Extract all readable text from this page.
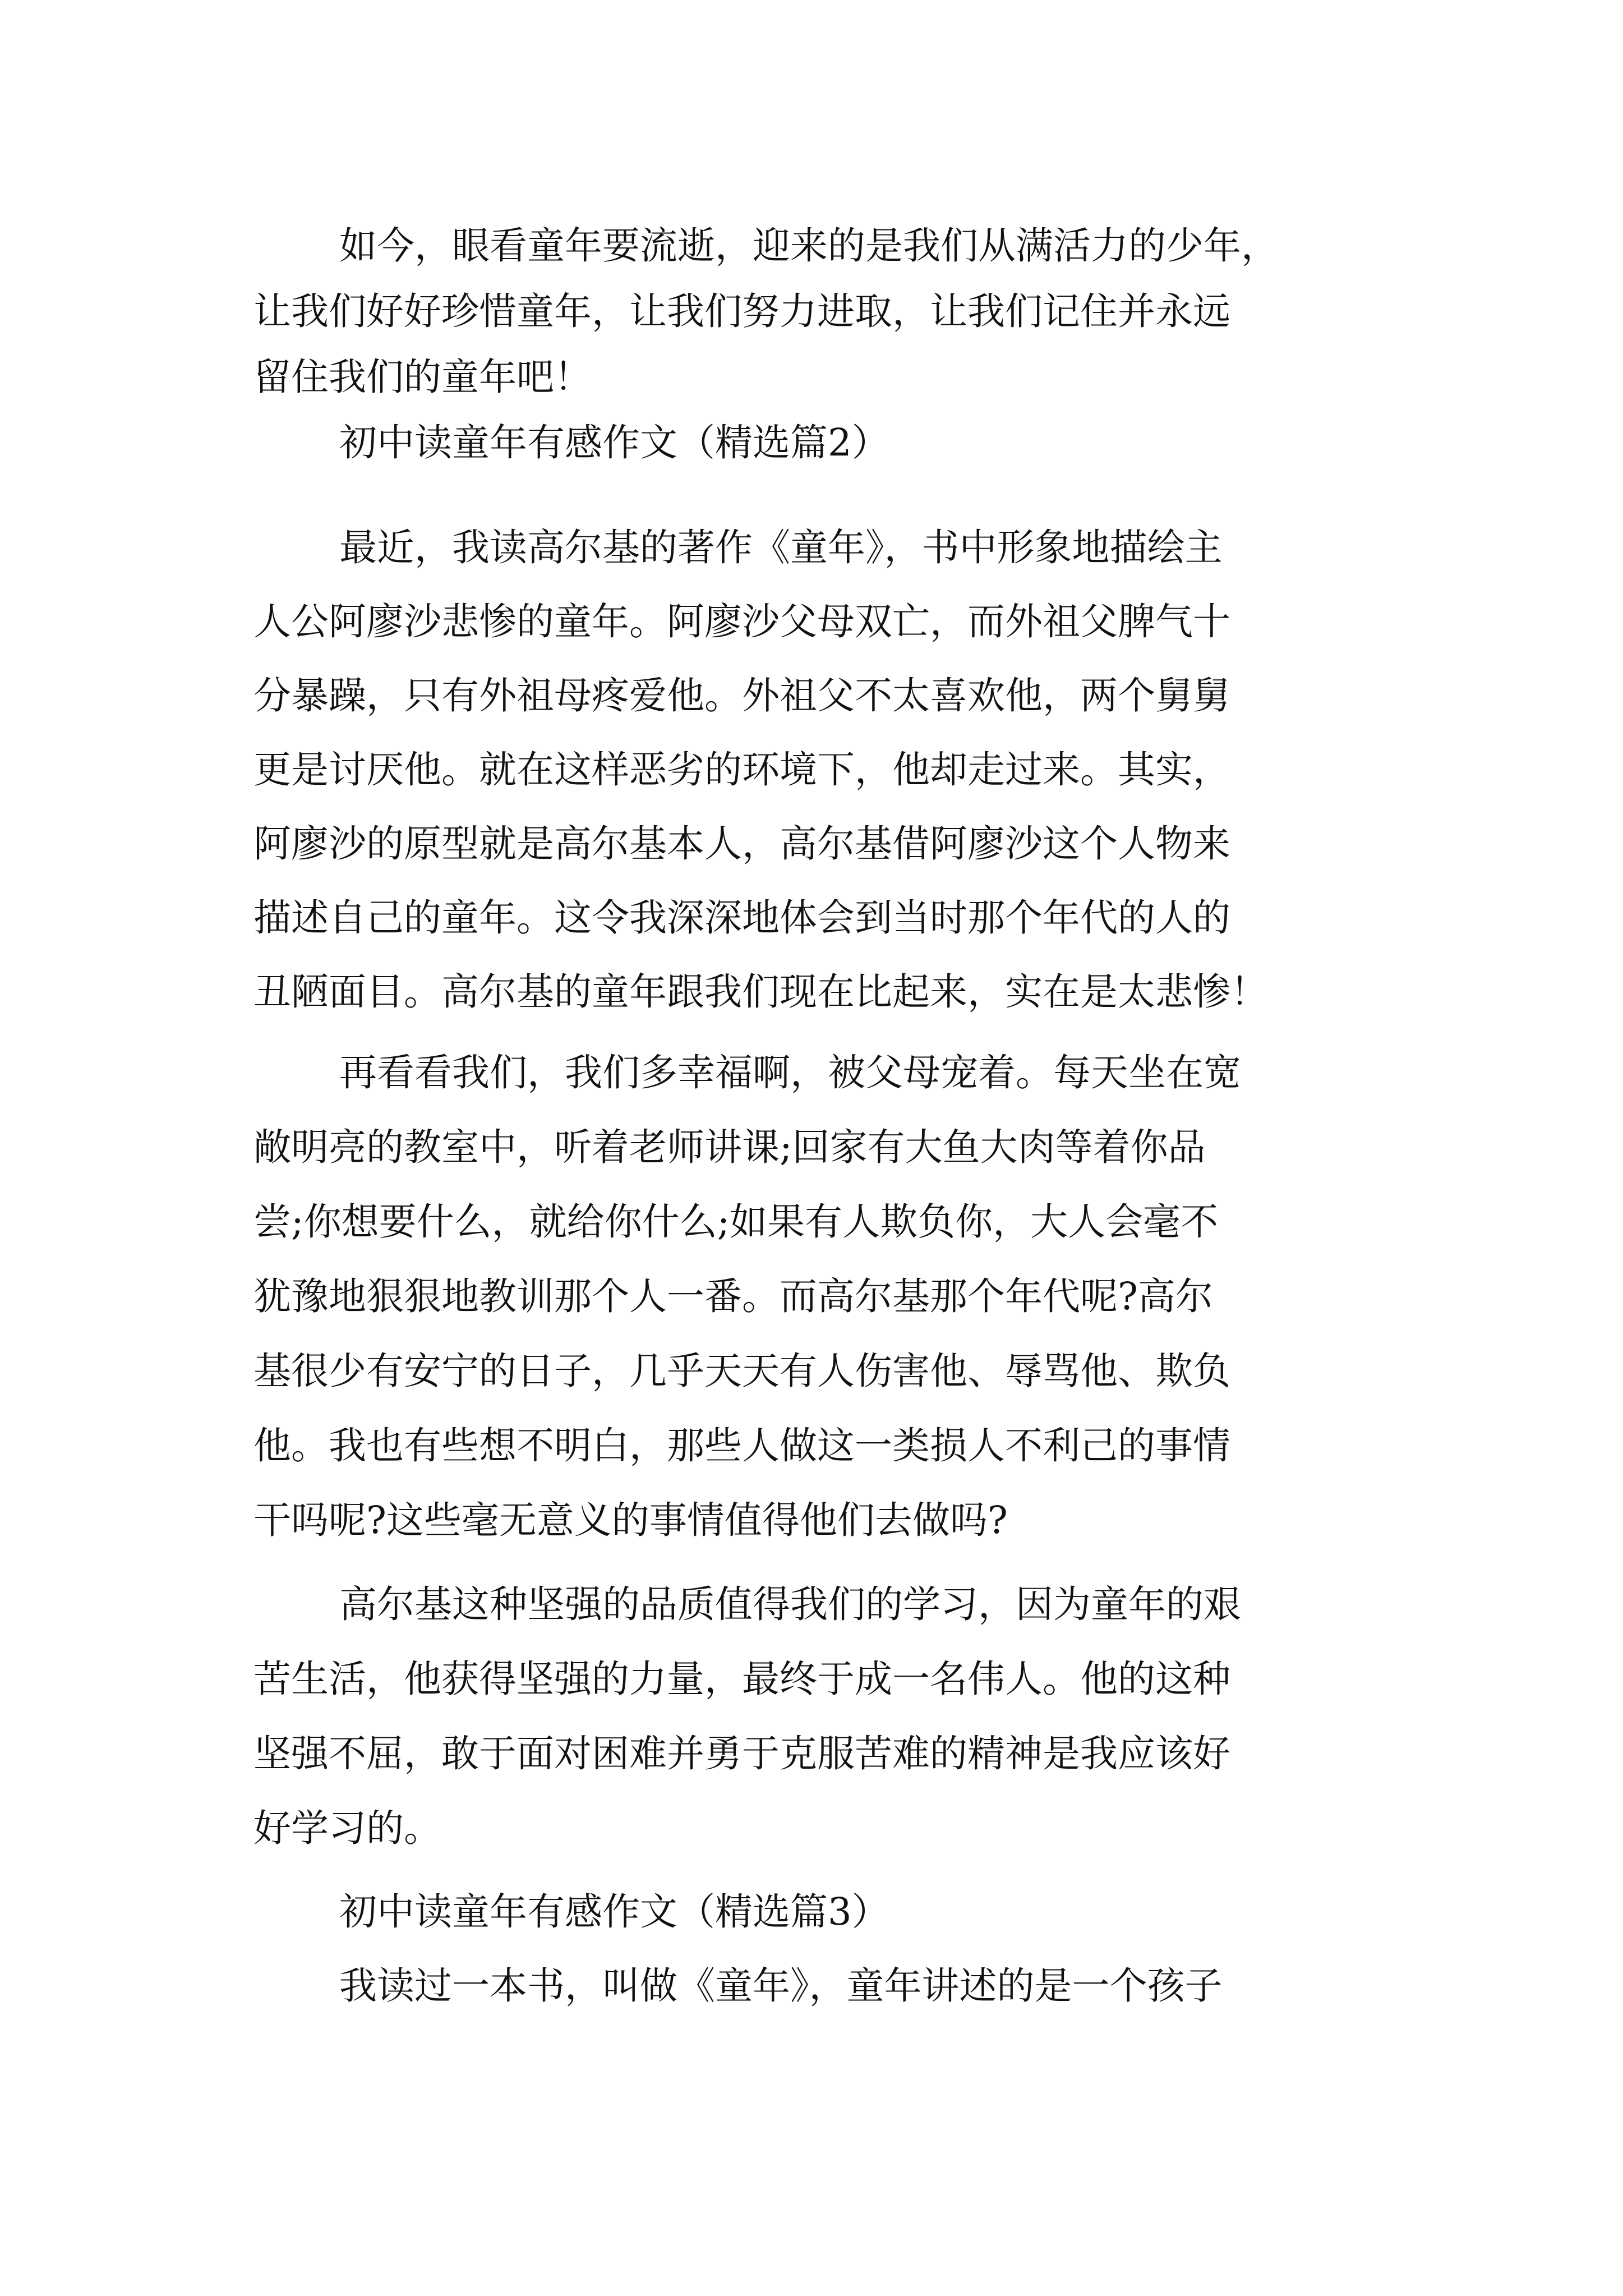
如今，眼看童年要流逝，迎来的是我们从满活力的少年，
让我们好好珍惜童年，让我们努力进取，让我们记住并永远
留住我们的童年吧！
初中读童年有感作文（精选篇2）
最近，我读高尔基的著作《童年》，书中形象地描绘主
人公阿廖沙悲惨的童年。阿廖沙父母双亡，而外祖父脾气十
分暴躁，只有外祖母疼爱他。外祖父不太喜欢他，两个舅舅
更是讨厌他。就在这样恶劣的环境下，他却走过来。其实，
阿廖沙的原型就是高尔基本人，高尔基借阿廖沙这个人物来
描述自己的童年。这令我深深地体会到当时那个年代的人的
丑陋面目。高尔基的童年跟我们现在比起来，实在是太悲惨！
再看看我们，我们多幸福啊，被父母宠着。每天坐在宽
敞明亮的教室中，听着老师讲课;回家有大鱼大肉等着你品
尝;你想要什么，就给你什么;如果有人欺负你，大人会毫不
犹豫地狠狠地教训那个人一番。而高尔基那个年代呢?高尔
基很少有安宁的日子，几乎天天有人伤害他、辱骂他、欺负
他。我也有些想不明白，那些人做这一类损人不利己的事情
干吗呢?这些毫无意义的事情值得他们去做吗?
高尔基这种坚强的品质值得我们的学习，因为童年的艰
苦生活，他获得坚强的力量，最终于成一名伟人。他的这种
坚强不屈，敢于面对困难并勇于克服苦难的精神是我应该好
好学习的。
初中读童年有感作文（精选篇3）
我读过一本书，叫做《童年》，童年讲述的是一个孩子
